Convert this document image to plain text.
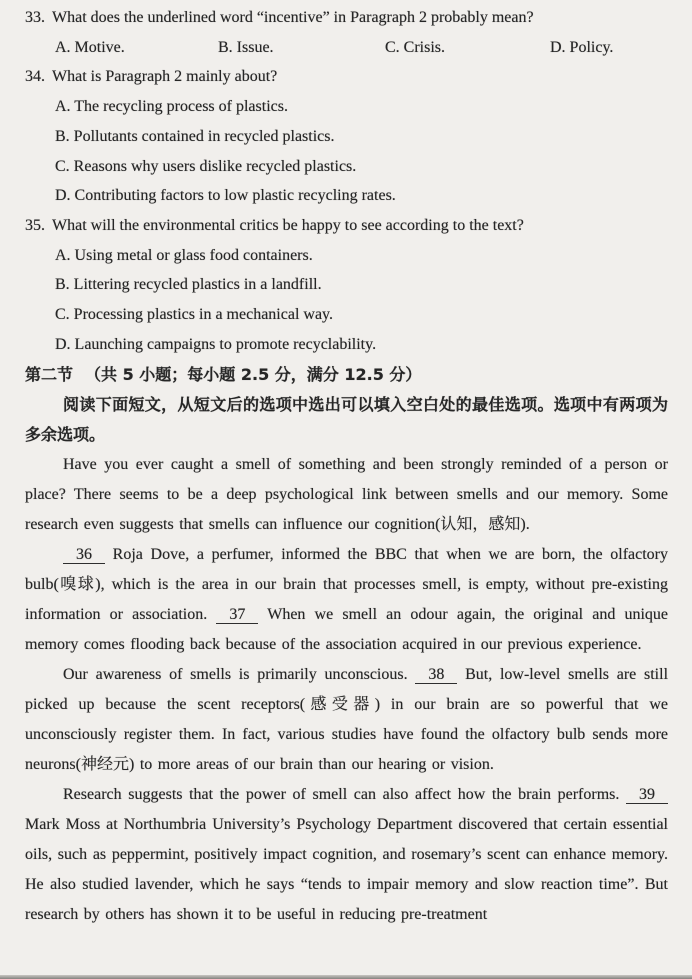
33. What does the underlined word “incentive” in Paragraph 2 probably mean?
A. Motive.	B. Issue.	C. Crisis.	D. Policy.
34. What is Paragraph 2 mainly about?
A. The recycling process of plastics.
B. Pollutants contained in recycled plastics.
C. Reasons why users dislike recycled plastics.
D. Contributing factors to low plastic recycling rates.
35. What will the environmental critics be happy to see according to the text?
A. Using metal or glass food containers.
B. Littering recycled plastics in a landfill.
C. Processing plastics in a mechanical way.
D. Launching campaigns to promote recyclability.
第二节 （共 5 小题；每小题 2.5 分，满分 12.5 分）

阅读下面短文，从短文后的选项中选出可以填入空白处的最佳选项。选项中有两项为多余选项。

Have you ever caught a smell of something and been strongly reminded of a person or place? There seems to be a deep psychological link between smells and our memory. Some research even suggests that smells can influence our cognition(认知，感知).

36 Roja Dove, a perfumer, informed the BBC that when we are born, the olfactory bulb(嗅球), which is the area in our brain that processes smell, is empty, without pre-existing information or association. 37 When we smell an odour again, the original and unique memory comes flooding back because of the association acquired in our previous experience.

Our awareness of smells is primarily unconscious. 38 But, low-level smells are still picked up because the scent receptors(感受器) in our brain are so powerful that we unconsciously register them. In fact, various studies have found the olfactory bulb sends more neurons(神经元) to more areas of our brain than our hearing or vision.

Research suggests that the power of smell can also affect how the brain performs. 39 Mark Moss at Northumbria University’s Psychology Department discovered that certain essential oils, such as peppermint, positively impact cognition, and rosemary’s scent can enhance memory. He also studied lavender, which he says “tends to impair memory and slow reaction time”. But research by others has shown it to be useful in reducing pre-treatment
